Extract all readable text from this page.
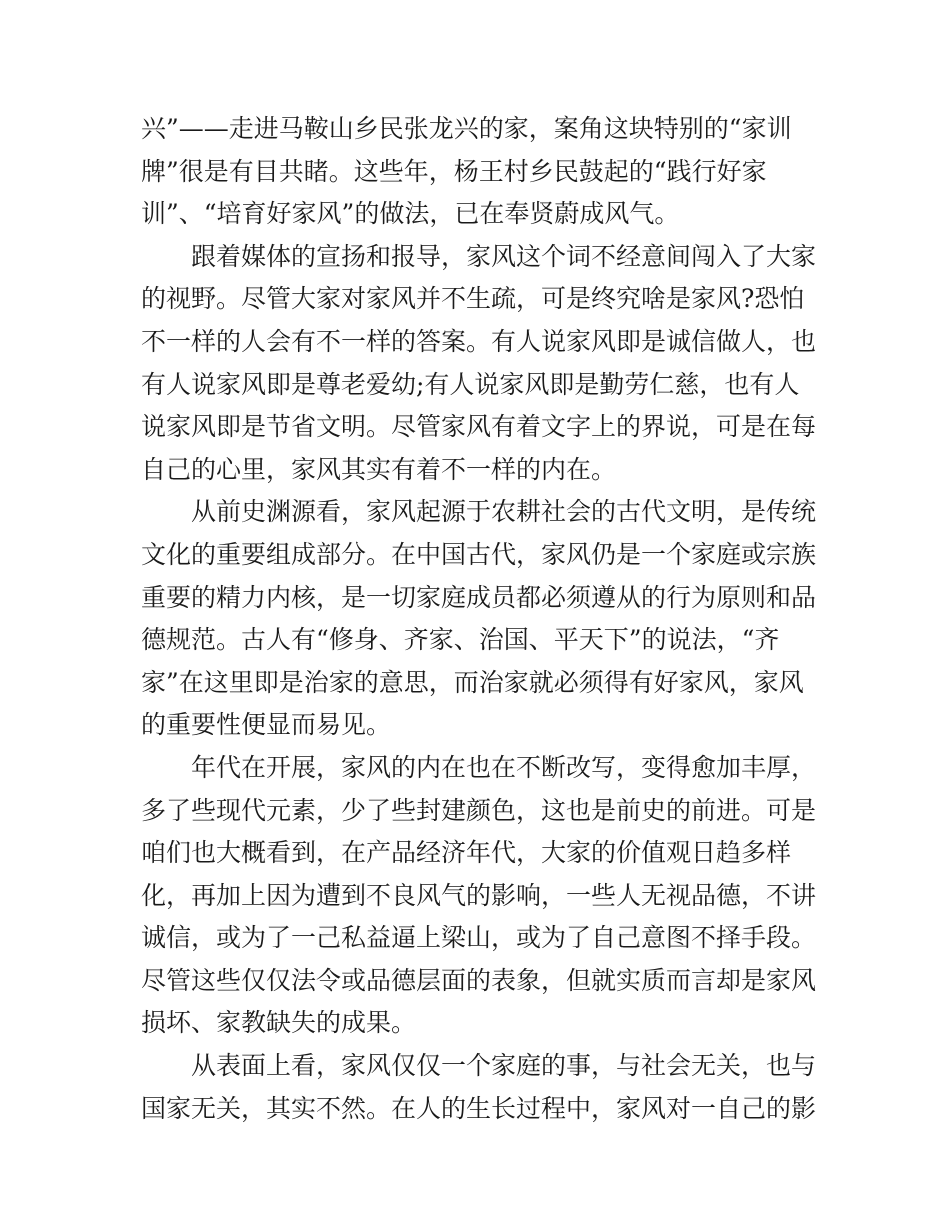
兴”——走进马鞍山乡民张龙兴的家，案角这块特别的“家训
牌”很是有目共睹。这些年，杨王村乡民鼓起的“践行好家
训”、“培育好家风”的做法，已在奉贤蔚成风气。
跟着媒体的宣扬和报导，家风这个词不经意间闯入了大家
的视野。尽管大家对家风并不生疏，可是终究啥是家风?恐怕
不一样的人会有不一样的答案。有人说家风即是诚信做人，也
有人说家风即是尊老爱幼;有人说家风即是勤劳仁慈，也有人
说家风即是节省文明。尽管家风有着文字上的界说，可是在每
自己的心里，家风其实有着不一样的内在。
从前史渊源看，家风起源于农耕社会的古代文明，是传统
文化的重要组成部分。在中国古代，家风仍是一个家庭或宗族
重要的精力内核，是一切家庭成员都必须遵从的行为原则和品
德规范。古人有“修身、齐家、治国、平天下”的说法，“齐
家”在这里即是治家的意思，而治家就必须得有好家风，家风
的重要性便显而易见。
年代在开展，家风的内在也在不断改写，变得愈加丰厚，
多了些现代元素，少了些封建颜色，这也是前史的前进。可是
咱们也大概看到，在产品经济年代，大家的价值观日趋多样
化，再加上因为遭到不良风气的影响，一些人无视品德，不讲
诚信，或为了一己私益逼上梁山，或为了自己意图不择手段。
尽管这些仅仅法令或品德层面的表象，但就实质而言却是家风
损坏、家教缺失的成果。
从表面上看，家风仅仅一个家庭的事，与社会无关，也与
国家无关，其实不然。在人的生长过程中，家风对一自己的影
